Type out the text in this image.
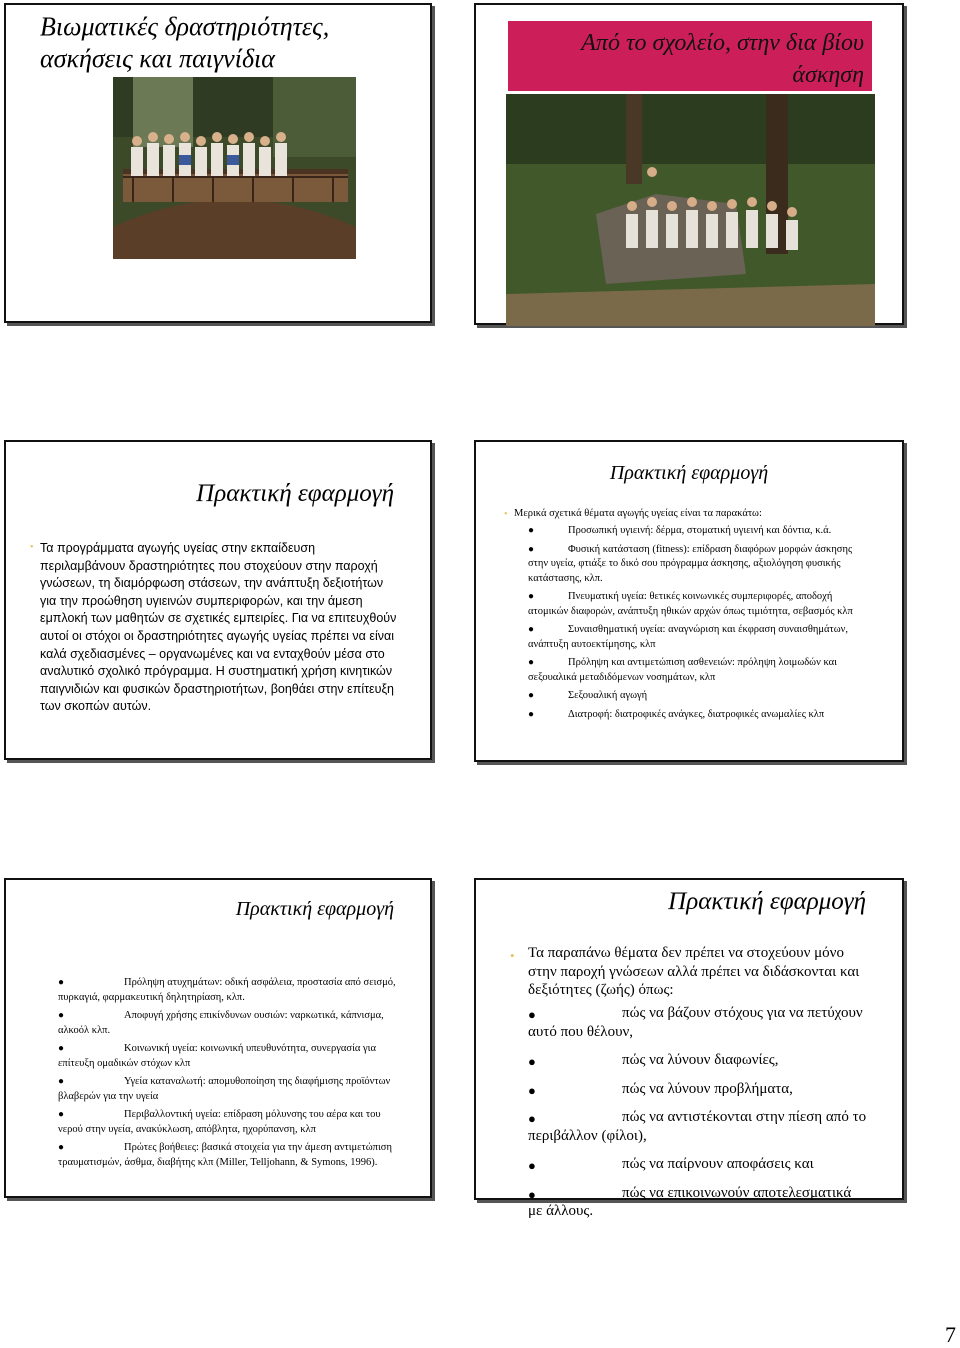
Βιωματικές δραστηριότητες, ασκήσεις και παιγνίδια
Από το σχολείο, στην δια βίου άσκηση
Πρακτική εφαρμογή
• Τα προγράμματα αγωγής υγείας στην εκπαίδευση περιλαμβάνουν δραστηριότητες που στοχεύουν στην παροχή γνώσεων, τη διαμόρφωση στάσεων, την ανάπτυξη δεξιοτήτων για την προώθηση υγιεινών συμπεριφορών, και την άμεση εμπλοκή των μαθητών σε σχετικές εμπειρίες. Για να επιτευχθούν αυτοί οι στόχοι οι δραστηριότητες αγωγής υγείας πρέπει να είναι καλά σχεδιασμένες – οργανωμένες και να ενταχθούν μέσα στο αναλυτικό σχολικό πρόγραμμα. Η συστηματική χρήση κινητικών παιγνιδιών και φυσικών δραστηριοτήτων, βοηθάει στην επίτευξη των σκοπών αυτών.
Πρακτική εφαρμογή
• Μερικά σχετικά θέματα αγωγής υγείας είναι τα παρακάτω:
●	Προσωπική υγιεινή: δέρμα, στοματική υγιεινή και δόντια, κ.ά.
●	Φυσική κατάσταση (fitness): επίδραση διαφόρων μορφών άσκησης στην υγεία, φτιάξε το δικό σου πρόγραμμα άσκησης, αξιολόγηση φυσικής κατάστασης, κλπ.
●	Πνευματική υγεία: θετικές κοινωνικές συμπεριφορές, αποδοχή ατομικών διαφορών, ανάπτυξη ηθικών αρχών όπως τιμιότητα, σεβασμός κλπ
●	Συναισθηματική υγεία: αναγνώριση και έκφραση συναισθημάτων, ανάπτυξη αυτοεκτίμησης, κλπ
●	Πρόληψη και αντιμετώπιση ασθενειών: πρόληψη λοιμωδών και σεξουαλικά μεταδιδόμενων νοσημάτων, κλπ
●	Σεξουαλική αγωγή
●	Διατροφή: διατροφικές ανάγκες, διατροφικές ανωμαλίες κλπ
Πρακτική εφαρμογή
●	Πρόληψη ατυχημάτων: οδική ασφάλεια, προστασία από σεισμό, πυρκαγιά, φαρμακευτική δηλητηρίαση, κλπ.
●	Αποφυγή χρήσης επικίνδυνων ουσιών: ναρκωτικά, κάπνισμα, αλκοόλ κλπ.
●	Κοινωνική υγεία: κοινωνική υπευθυνότητα, συνεργασία για επίτευξη ομαδικών στόχων κλπ
●	Υγεία καταναλωτή: απομυθοποίηση της διαφήμισης προϊόντων βλαβερών για την υγεία
●	Περιβαλλοντική υγεία: επίδραση μόλυνσης του αέρα και του νερού στην υγεία, ανακύκλωση, απόβλητα, ηχορύπανση, κλπ
●	Πρώτες βοήθειες: βασικά στοιχεία για την άμεση αντιμετώπιση τραυματισμών, άσθμα, διαβήτης κλπ (Miller, Telljohann, & Symons, 1996).
Πρακτική εφαρμογή
• Τα παραπάνω θέματα δεν πρέπει να στοχεύουν μόνο στην παροχή γνώσεων αλλά πρέπει να διδάσκονται και δεξιότητες (ζωής) όπως:
●	πώς να βάζουν στόχους για να πετύχουν αυτό που θέλουν,
●	πώς να λύνουν διαφωνίες,
●	πώς να λύνουν προβλήματα,
●	πώς να αντιστέκονται στην πίεση από το περιβάλλον (φίλοι),
●	πώς να παίρνουν αποφάσεις και
●	πώς να επικοινωνούν αποτελεσματικά με άλλους.
7
